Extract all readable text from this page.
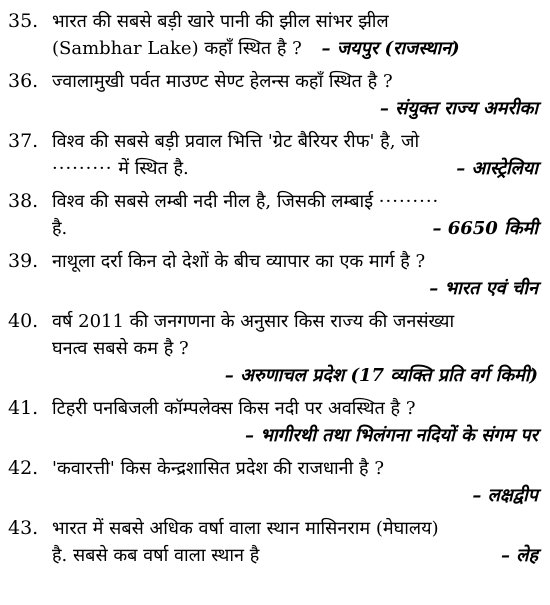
35. भारत की सबसे बड़ी खारे पानी की झील सांभर झील
(Sambhar Lake) कहाँ स्थित है ? – जयपुर (राजस्थान)
36. ज्वालामुखी पर्वत माउण्ट सेण्ट हेलन्स कहाँ स्थित है ?
– संयुक्त राज्य अमरीका
37. विश्व की सबसे बड़ी प्रवाल भित्ति 'ग्रेट बैरियर रीफ' है, जो
········· में स्थित है.	– आस्ट्रेलिया
38. विश्व की सबसे लम्बी नदी नील है, जिसकी लम्बाई ·········
है.	– 6650 किमी
39. नाथूला दर्रा किन दो देशों के बीच व्यापार का एक मार्ग है ?
– भारत एवं चीन
40. वर्ष 2011 की जनगणना के अनुसार किस राज्य की जनसंख्या
घनत्व सबसे कम है ?
– अरुणाचल प्रदेश (17 व्यक्ति प्रति वर्ग किमी)
41. टिहरी पनबिजली कॉम्पलेक्स किस नदी पर अवस्थित है ?
– भागीरथी तथा भिलंगना नदियों के संगम पर
42. 'कवारत्ती' किस केन्द्रशासित प्रदेश की राजधानी है ?
– लक्षद्वीप
43. भारत में सबसे अधिक वर्षा वाला स्थान मासिनराम (मेघालय)
है. सबसे कब वर्षा वाला स्थान है	– लेह
